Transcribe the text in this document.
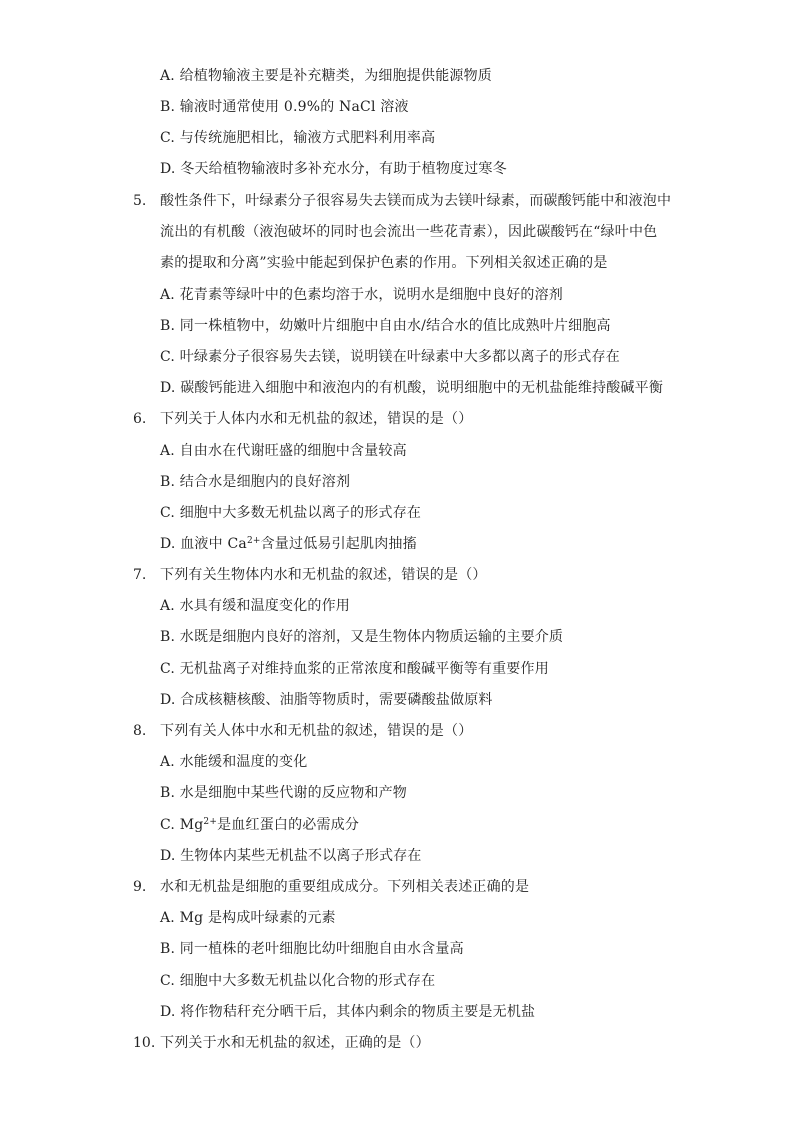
A. 给植物输液主要是补充糖类，为细胞提供能源物质
B. 输液时通常使用 0.9%的 NaCl 溶液
C. 与传统施肥相比，输液方式肥料利用率高
D. 冬天给植物输液时多补充水分，有助于植物度过寒冬
5. 酸性条件下，叶绿素分子很容易失去镁而成为去镁叶绿素，而碳酸钙能中和液泡中
流出的有机酸（液泡破坏的同时也会流出一些花青素），因此碳酸钙在“绿叶中色
素的提取和分离”实验中能起到保护色素的作用。下列相关叙述正确的是
A. 花青素等绿叶中的色素均溶于水，说明水是细胞中良好的溶剂
B. 同一株植物中，幼嫩叶片细胞中自由水/结合水的值比成熟叶片细胞高
C. 叶绿素分子很容易失去镁，说明镁在叶绿素中大多都以离子的形式存在
D. 碳酸钙能进入细胞中和液泡内的有机酸，说明细胞中的无机盐能维持酸碱平衡
6. 下列关于人体内水和无机盐的叙述，错误的是（）
A. 自由水在代谢旺盛的细胞中含量较高
B. 结合水是细胞内的良好溶剂
C. 细胞中大多数无机盐以离子的形式存在
D. 血液中 $Ca^{2+}$含量过低易引起肌肉抽搐
7. 下列有关生物体内水和无机盐的叙述，错误的是（）
A. 水具有缓和温度变化的作用
B. 水既是细胞内良好的溶剂，又是生物体内物质运输的主要介质
C. 无机盐离子对维持血浆的正常浓度和酸碱平衡等有重要作用
D. 合成核糖核酸、油脂等物质时，需要磷酸盐做原料
8. 下列有关人体中水和无机盐的叙述，错误的是（）
A. 水能缓和温度的变化
B. 水是细胞中某些代谢的反应物和产物
C. $Mg^{2+}$是血红蛋白的必需成分
D. 生物体内某些无机盐不以离子形式存在
9. 水和无机盐是细胞的重要组成成分。下列相关表述正确的是
A. Mg 是构成叶绿素的元素
B. 同一植株的老叶细胞比幼叶细胞自由水含量高
C. 细胞中大多数无机盐以化合物的形式存在
D. 将作物秸秆充分晒干后，其体内剩余的物质主要是无机盐
10. 下列关于水和无机盐的叙述，正确的是（）
